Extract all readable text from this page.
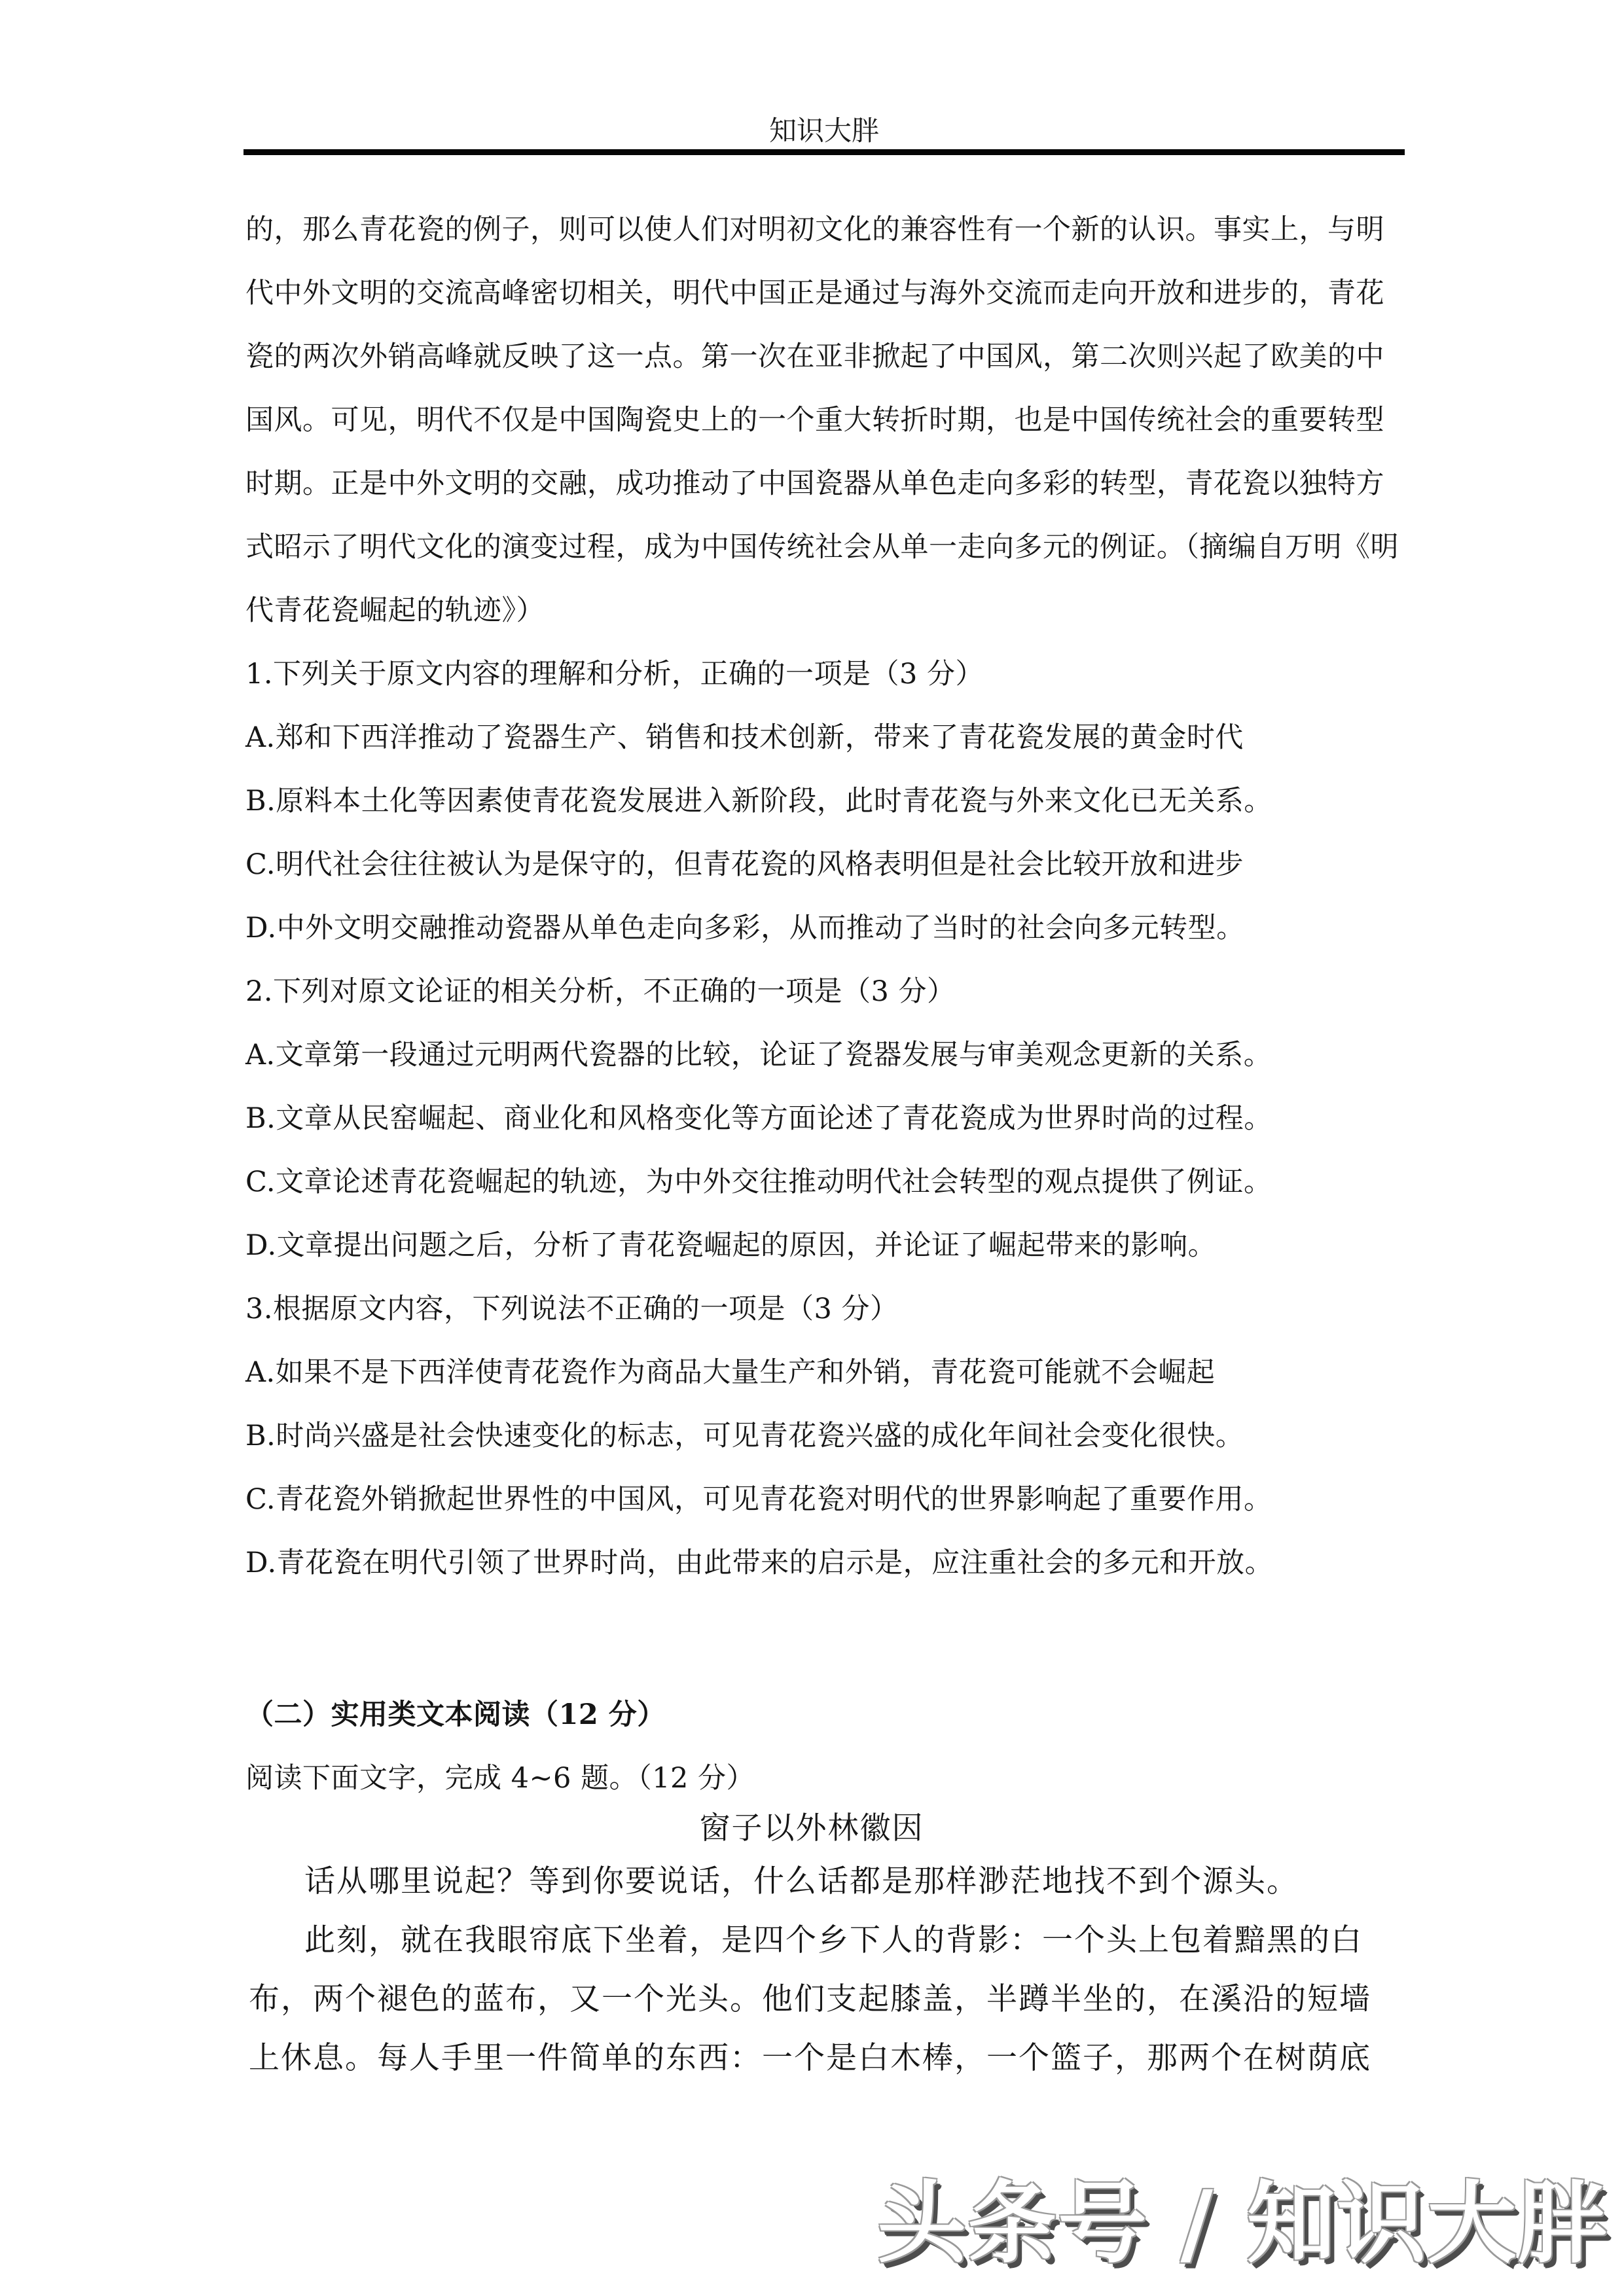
知识大胖
的，那么青花瓷的例子，则可以使人们对明初文化的兼容性有一个新的认识。事实上，与明
代中外文明的交流高峰密切相关，明代中国正是通过与海外交流而走向开放和进步的，青花
瓷的两次外销高峰就反映了这一点。第一次在亚非掀起了中国风，第二次则兴起了欧美的中
国风。可见，明代不仅是中国陶瓷史上的一个重大转折时期，也是中国传统社会的重要转型
时期。正是中外文明的交融，成功推动了中国瓷器从单色走向多彩的转型，青花瓷以独特方
式昭示了明代文化的演变过程，成为中国传统社会从单一走向多元的例证。（摘编自万明《明
代青花瓷崛起的轨迹》）
1.下列关于原文内容的理解和分析，正确的一项是（3 分）
A.郑和下西洋推动了瓷器生产、销售和技术创新，带来了青花瓷发展的黄金时代
B.原料本土化等因素使青花瓷发展进入新阶段，此时青花瓷与外来文化已无关系。
C.明代社会往往被认为是保守的，但青花瓷的风格表明但是社会比较开放和进步
D.中外文明交融推动瓷器从单色走向多彩，从而推动了当时的社会向多元转型。
2.下列对原文论证的相关分析，不正确的一项是（3 分）
A.文章第一段通过元明两代瓷器的比较，论证了瓷器发展与审美观念更新的关系。
B.文章从民窑崛起、商业化和风格变化等方面论述了青花瓷成为世界时尚的过程。
C.文章论述青花瓷崛起的轨迹，为中外交往推动明代社会转型的观点提供了例证。
D.文章提出问题之后，分析了青花瓷崛起的原因，并论证了崛起带来的影响。
3.根据原文内容，下列说法不正确的一项是（3 分）
A.如果不是下西洋使青花瓷作为商品大量生产和外销，青花瓷可能就不会崛起
B.时尚兴盛是社会快速变化的标志，可见青花瓷兴盛的成化年间社会变化很快。
C.青花瓷外销掀起世界性的中国风，可见青花瓷对明代的世界影响起了重要作用。
D.青花瓷在明代引领了世界时尚，由此带来的启示是，应注重社会的多元和开放。
（二）实用类文本阅读（12 分）
阅读下面文字，完成 4~6 题。（12 分）
窗子以外林徽因
话从哪里说起？等到你要说话，什么话都是那样渺茫地找不到个源头。
此刻，就在我眼帘底下坐着，是四个乡下人的背影：一个头上包着黯黑的白
布，两个褪色的蓝布，又一个光头。他们支起膝盖，半蹲半坐的，在溪沿的短墙
上休息。每人手里一件简单的东西：一个是白木棒，一个篮子，那两个在树荫底
头条号 / 知识大胖
